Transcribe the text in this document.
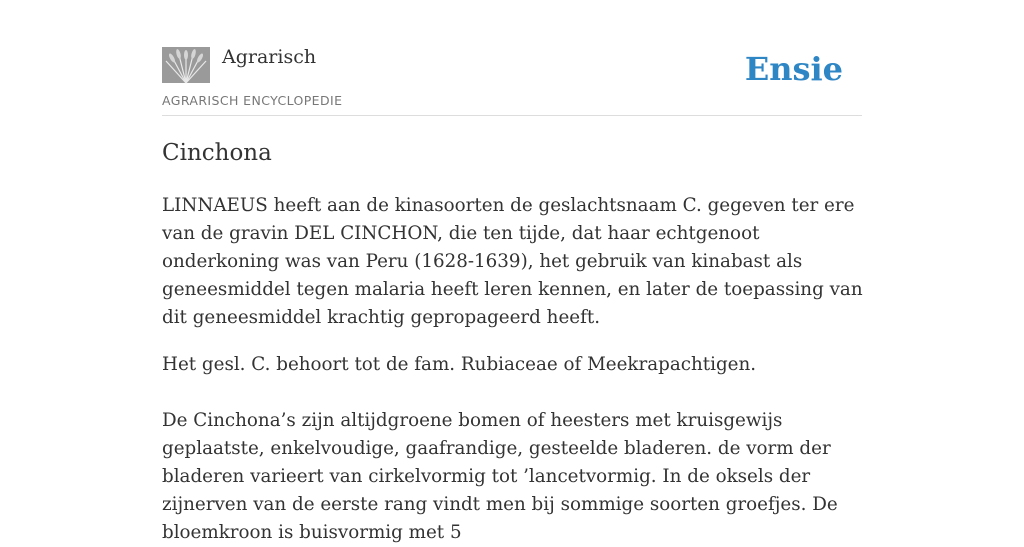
Agrarisch
AGRARISCH ENCYCLOPEDIE
Ensie
Cinchona

LINNAEUS heeft aan de kinasoorten de geslachtsnaam C. gegeven ter ere van de gravin DEL CINCHON, die ten tijde, dat haar echtgenoot onderkoning was van Peru (1628-1639), het gebruik van kinabast als geneesmiddel tegen malaria heeft leren kennen, en later de toepassing van dit geneesmiddel krachtig gepropageerd heeft.

Het gesl. C. behoort tot de fam. Rubiaceae of Meekrapachtigen.

De Cinchona’s zijn altijdgroene bomen of heesters met kruisgewijs geplaatste, enkelvoudige, gaafrandige, gesteelde bladeren. de vorm der bladeren varieert van cirkelvormig tot ’lancetvormig. In de oksels der zijnerven van de eerste rang vindt men bij sommige soorten groefjes. De bloemkroon is buisvormig met 5
